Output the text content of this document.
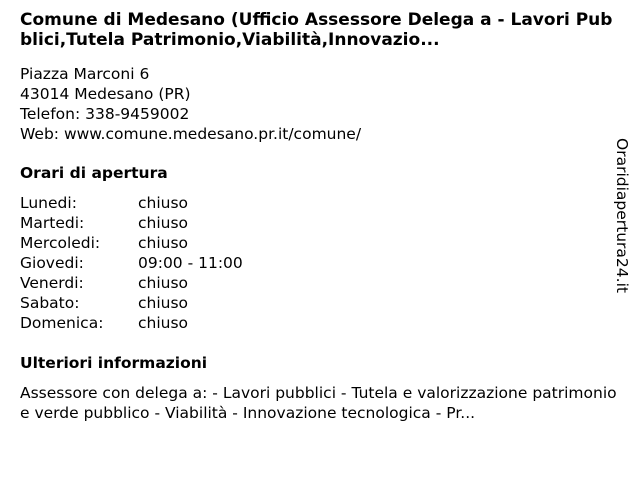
Comune di Medesano (Ufficio Assessore Delega a - Lavori Pubblici,Tutela Patrimonio,Viabilità,Innovazio...
Piazza Marconi 6
43014 Medesano (PR)
Telefon: 338-9459002
Web: www.comune.medesano.pr.it/comune/
Orari di apertura
Lunedi:	chiuso
Martedi:	chiuso
Mercoledi:	chiuso
Giovedi:	09:00 - 11:00
Venerdi:	chiuso
Sabato:	chiuso
Domenica:	chiuso
Ulteriori informazioni
Assessore con delega a: - Lavori pubblici - Tutela e valorizzazione patrimonio e verde pubblico - Viabilità - Innovazione tecnologica - Pr...
Oraridiapertura24.it
